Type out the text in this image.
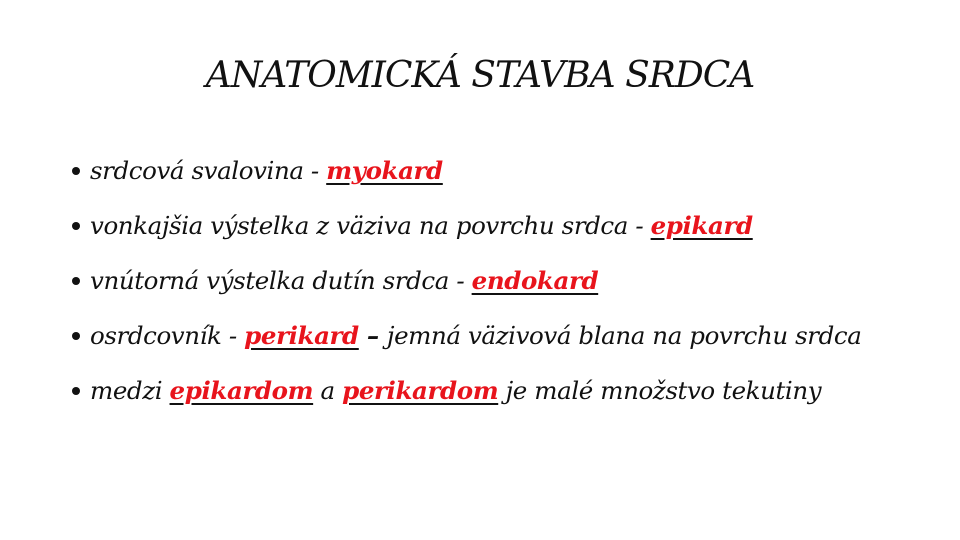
ANATOMICKÁ STAVBA SRDCA
srdcová svalovina - myokard
vonkajšia výstelka z väziva na povrchu srdca - epikard
vnútorná výstelka dutín srdca - endokard
osrdcovník - perikard – jemná väzivová blana na povrchu srdca
medzi epikardom a perikardom je malé množstvo tekutiny
